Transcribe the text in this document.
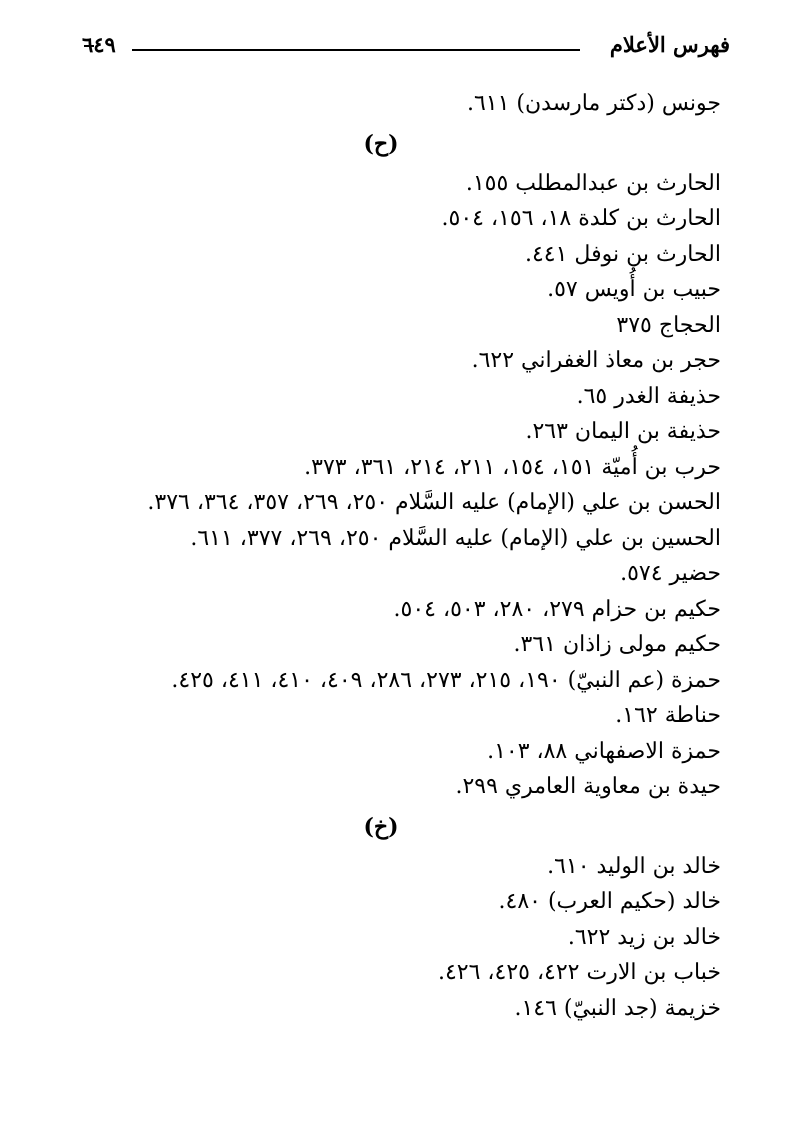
فهرس الأعلام
٦٤٩
جونس (دكتر مارسدن) ٦١١.
(ح)
الحارث بن عبدالمطلب ١٥٥.
الحارث بن كلدة ١٨، ١٥٦، ٥٠٤.
الحارث بن نوفل ٤٤١.
حبيب بن أُويس ٥٧.
الحجاج ٣٧٥
حجر بن معاذ الغفراني ٦٢٢.
حذيفة الغدر ٦٥.
حذيفة بن اليمان ٢٦٣.
حرب بن أُميّة ١٥١، ١٥٤، ٢١١، ٢١٤، ٣٦١، ٣٧٣.
الحسن بن علي (الإمام) عليه السَّلام ٢٥٠، ٢٦٩، ٣٥٧، ٣٦٤، ٣٧٦.
الحسين بن علي (الإمام) عليه السَّلام ٢٥٠، ٢٦٩، ٣٧٧، ٦١١.
حضير ٥٧٤.
حكيم بن حزام ٢٧٩، ٢٨٠، ٥٠٣، ٥٠٤.
حكيم مولى زاذان ٣٦١.
حمزة (عم النبيّ) ١٩٠، ٢١٥، ٢٧٣، ٢٨٦، ٤٠٩، ٤١٠، ٤١١، ٤٢٥.
حناطة ١٦٢.
حمزة الاصفهاني ٨٨، ١٠٣.
حيدة بن معاوية العامري ٢٩٩.
(خ)
خالد بن الوليد ٦١٠.
خالد (حكيم العرب) ٤٨٠.
خالد بن زيد ٦٢٢.
خباب بن الارت ٤٢٢، ٤٢٥، ٤٢٦.
خزيمة (جد النبيّ) ١٤٦.
